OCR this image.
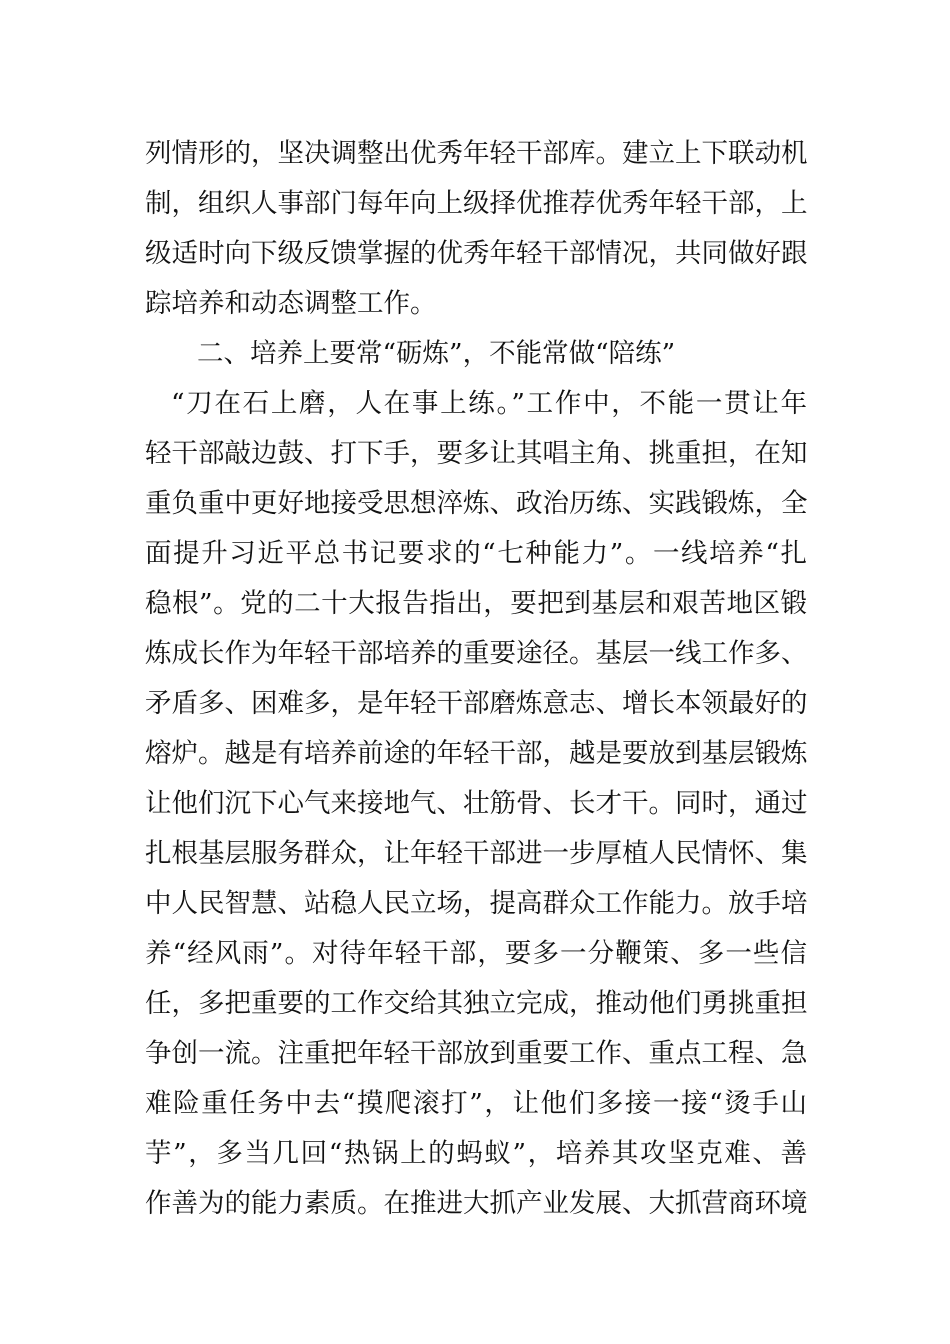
列情形的，坚决调整出优秀年轻干部库。建立上下联动机
制，组织人事部门每年向上级择优推荐优秀年轻干部，上
级适时向下级反馈掌握的优秀年轻干部情况，共同做好跟
踪培养和动态调整工作。
二、培养上要常“砺炼”，不能常做“陪练”
“刀在石上磨，人在事上练。”工作中，不能一贯让年
轻干部敲边鼓、打下手，要多让其唱主角、挑重担，在知
重负重中更好地接受思想淬炼、政治历练、实践锻炼，全
面提升习近平总书记要求的“七种能力”。一线培养“扎
稳根”。党的二十大报告指出，要把到基层和艰苦地区锻
炼成长作为年轻干部培养的重要途径。基层一线工作多、
矛盾多、困难多，是年轻干部磨炼意志、增长本领最好的
熔炉。越是有培养前途的年轻干部，越是要放到基层锻炼
让他们沉下心气来接地气、壮筋骨、长才干。同时，通过
扎根基层服务群众，让年轻干部进一步厚植人民情怀、集
中人民智慧、站稳人民立场，提高群众工作能力。放手培
养“经风雨”。对待年轻干部，要多一分鞭策、多一些信
任，多把重要的工作交给其独立完成，推动他们勇挑重担
争创一流。注重把年轻干部放到重要工作、重点工程、急
难险重任务中去“摸爬滚打”，让他们多接一接“烫手山
芋”，多当几回“热锅上的蚂蚁”，培养其攻坚克难、善
作善为的能力素质。在推进大抓产业发展、大抓营商环境
